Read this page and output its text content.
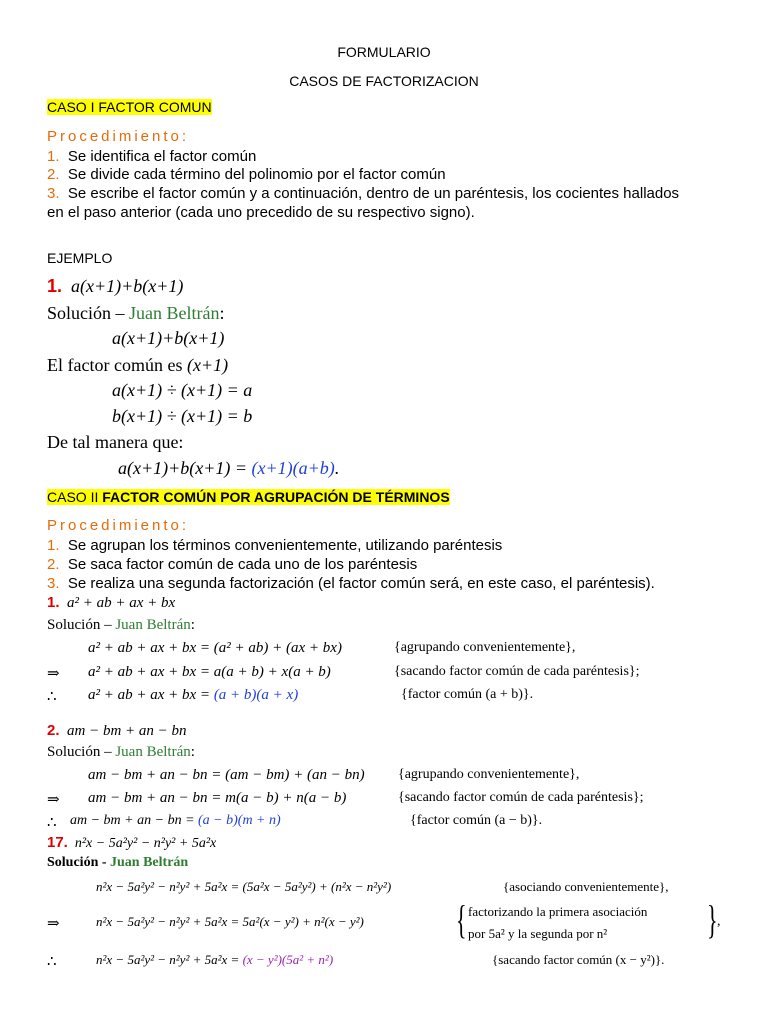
FORMULARIO
CASOS DE FACTORIZACION
CASO I FACTOR COMUN
Procedimiento:
1. Se identifica el factor común
2. Se divide cada término del polinomio por el factor común
3. Se escribe el factor común y a continuación, dentro de un paréntesis, los cocientes hallados
en el paso anterior (cada uno precedido de su respectivo signo).
EJEMPLO
1. a(x+1)+b(x+1)
Solución – Juan Beltrán:
a(x+1)+b(x+1)
El factor común es (x+1)
a(x+1) ÷ (x+1) = a
b(x+1) ÷ (x+1) = b
De tal manera que:
a(x+1)+b(x+1) = (x+1)(a+b).
CASO II FACTOR COMÚN POR AGRUPACIÓN DE TÉRMINOS
Procedimiento:
1. Se agrupan los términos convenientemente, utilizando paréntesis
2. Se saca factor común de cada uno de los paréntesis
3. Se realiza una segunda factorización (el factor común será, en este caso, el paréntesis).
1. a² + ab + ax + bx
Solución – Juan Beltrán:
a² + ab + ax + bx = (a² + ab) + (ax + bx)	{agrupando convenientemente},
⇒ a² + ab + ax + bx = a(a + b) + x(a + b)	{sacando factor común de cada paréntesis};
∴ a² + ab + ax + bx = (a + b)(a + x)	{factor común (a + b)}.
2. am − bm + an − bn
Solución – Juan Beltrán:
am − bm + an − bn = (am − bm) + (an − bn) {agrupando convenientemente},
⇒ am − bm + an − bn = m(a − b) + n(a − b)	{sacando factor común de cada paréntesis};
∴ am − bm + an − bn = (a − b)(m + n)	{factor común (a − b)}.
17. n²x − 5a²y² − n²y² + 5a²x
Solución - Juan Beltrán
n²x − 5a²y² − n²y² + 5a²x = (5a²x − 5a²y²) + (n²x − n²y²)	{asociando convenientemente},
⇒	n²x − 5a²y² − n²y² + 5a²x = 5a²(x − y²) + n²(x − y²) { factorizando la primera asociación
por 5a² y la segunda por n² } ,
∴	n²x − 5a²y² − n²y² + 5a²x = (x − y²)(5a² + n²)	{sacando factor común (x − y²)}.
